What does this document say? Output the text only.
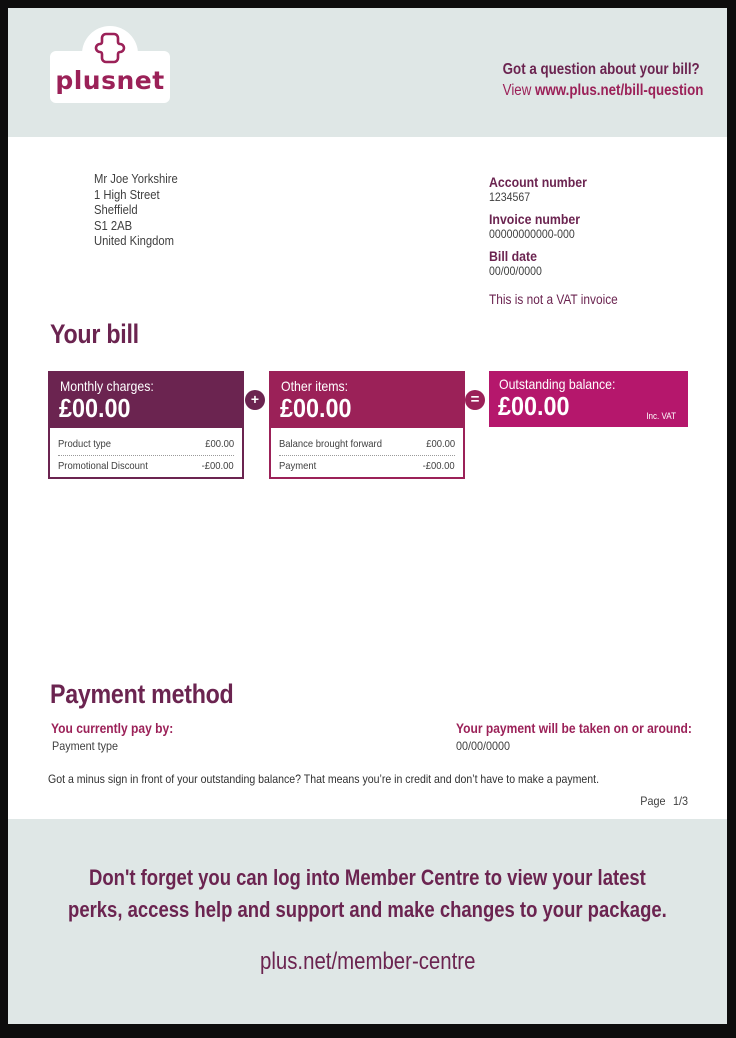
plusnet	Got a question about your bill?
View www.plus.net/bill-question
Mr Joe Yorkshire
1 High Street
Sheffield
S1 2AB
United Kingdom
Account number
1234567
Invoice number
00000000000-000
Bill date
00/00/0000
This is not a VAT invoice
Your bill
Monthly charges:
£00.00
Product type	£00.00
Promotional Discount	-£00.00
+
Other items:
£00.00
Balance brought forward	£00.00
Payment	-£00.00
=
Outstanding balance:
£00.00	Inc. VAT
Payment method
You currently pay by:
Payment type
Your payment will be taken on or around:
00/00/0000
Got a minus sign in front of your outstanding balance? That means you’re in credit and don’t have to make a payment.
Page 1/3
Don't forget you can log into Member Centre to view your latest
perks, access help and support and make changes to your package.
plus.net/member-centre
